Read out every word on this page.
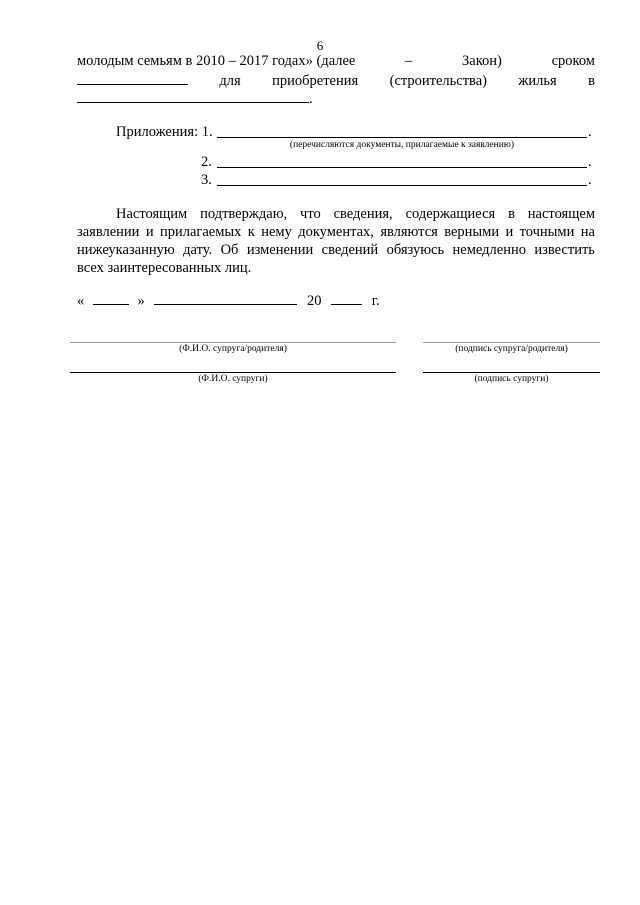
6
молодым семьям в 2010 – 2017 годах» (далее	–	Закон)	сроком
для приобретения (строительства) жилья в
.
Приложения: 1.	.
(перечисляются документы, прилагаемые к заявлению)
2.	.
3.	.
Настоящим подтверждаю, что сведения, содержащиеся в настоящем
заявлении и прилагаемых к нему документах, являются верными и точными на
нижеуказанную дату. Об изменении сведений обязуюсь немедленно известить
всех заинтересованных лиц.
«	»	20	г.
(Ф.И.О. супруга/родителя)	(подпись супруга/родителя)
(Ф.И.О. супруги)	(подпись супруги)
